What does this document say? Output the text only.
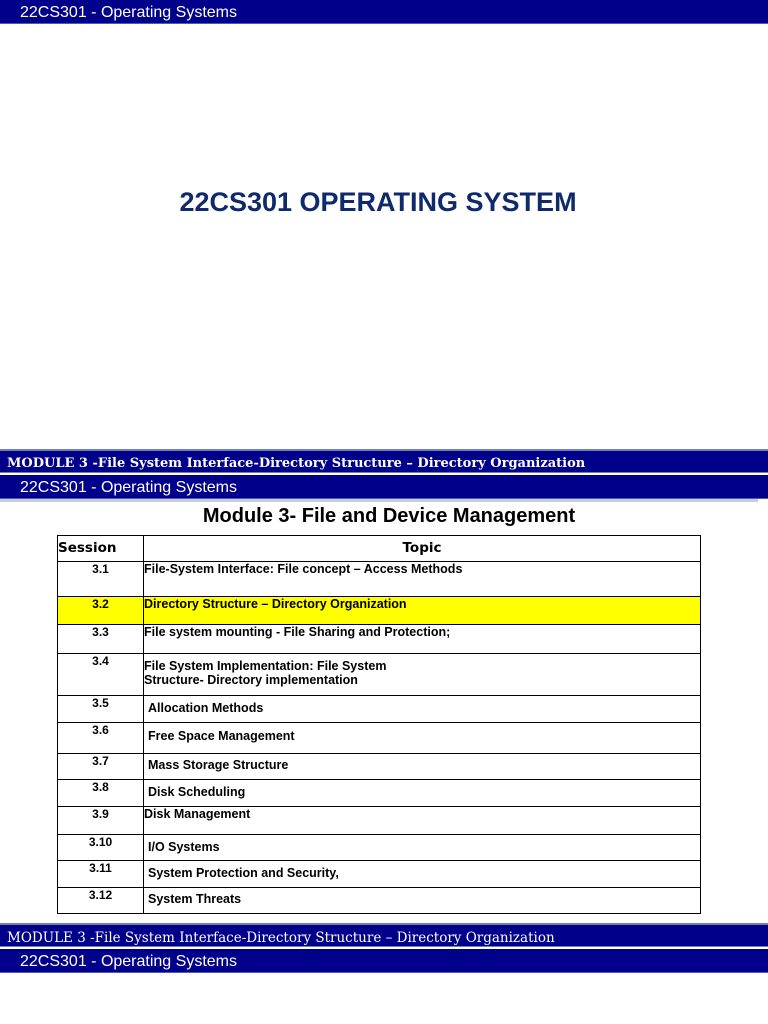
22CS301 - Operating Systems
22CS301 OPERATING SYSTEM
MODULE 3 -File System Interface-Directory Structure – Directory Organization
22CS301 - Operating Systems
Module 3- File and Device Management
Session	Topic
3.1	File-System Interface: File concept – Access Methods
3.2	Directory Structure – Directory Organization
3.3	File system mounting - File Sharing and Protection;
3.4	File System Implementation: File System
Structure- Directory implementation
3.5	Allocation Methods
3.6	Free Space Management
3.7	Mass Storage Structure
3.8	Disk Scheduling
3.9	Disk Management
3.10	I/O Systems
3.11	System Protection and Security,
3.12	System Threats
MODULE 3 -File System Interface-Directory Structure – Directory Organization
22CS301 - Operating Systems
